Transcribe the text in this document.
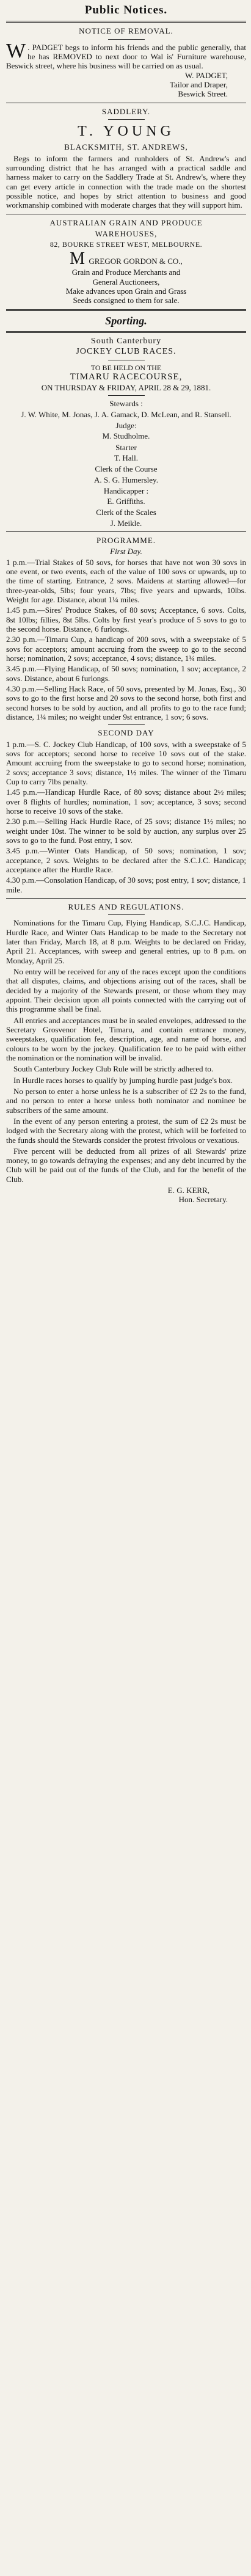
Public Notices.
NOTICE OF REMOVAL.
W . PADGET begs to inform his friends and the public generally, that he has REMOVED to next door to Wal is' Furniture warehouse, Beswick street, where his business will be carried on as usual.
W. PADGET,
Tailor and Draper,
Beswick Street.
SADDLERY.
T. YOUNG
BLACKSMITH, ST. ANDREWS,
Begs to inform the farmers and runholders of St. Andrew's and surrounding district that he has arranged with a practical saddle and harness maker to carry on the Saddlery Trade at St. Andrew's, where they can get every article in connection with the trade made on the shortest possible notice, and hopes by strict attention to business and good workmanship combined with moderate charges that they will support him.
AUSTRALIAN GRAIN AND PRODUCE
WAREHOUSES,
82, BOURKE STREET WEST, MELBOURNE.
M GREGOR GORDON & CO.,
Grain and Produce Merchants and
General Auctioneers,
Make advances upon Grain and Grass
Seeds consigned to them for sale.
Sporting.
South Canterbury
JOCKEY CLUB RACES.
TO BE HELD ON THE
TIMARU RACECOURSE,
ON THURSDAY & FRIDAY, APRIL 28 & 29, 1881.
Stewards :
J. W. White, M. Jonas, J. A. Gamack, D. McLean, and R. Stansell.
Judge:
M. Studholme.
Starter
T. Hall.
Clerk of the Course
A. S. G. Humersley.
Handicapper :
E. Griffiths.
Clerk of the Scales
J. Meikle.
PROGRAMME.
First Day.
1 p.m.—Trial Stakes of 50 sovs, for horses that have not won 30 sovs in one event, or two events, each of the value of 100 sovs or upwards, up to the time of starting. Entrance, 2 sovs. Maidens at starting allowed—for three-year-olds, 5lbs; four years, 7lbs; five years and upwards, 10lbs. Weight for age. Distance, about 1¼ miles.
1.45 p.m.—Sires' Produce Stakes, of 80 sovs; Acceptance, 6 sovs. Colts, 8st 10lbs; fillies, 8st 5lbs. Colts by first year's produce of 5 sovs to go to the second horse. Distance, 6 furlongs.
2.30 p.m.—Timaru Cup, a handicap of 200 sovs, with a sweepstake of 5 sovs for acceptors; amount accruing from the sweep to go to the second horse; nomination, 2 sovs; acceptance, 4 sovs; distance, 1¾ miles.
3.45 p.m.—Flying Handicap, of 50 sovs; nomination, 1 sov; acceptance, 2 sovs. Distance, about 6 furlongs.
4.30 p.m.—Selling Hack Race, of 50 sovs, presented by M. Jonas, Esq., 30 sovs to go to the first horse and 20 sovs to the second horse, both first and second horses to be sold by auction, and all profits to go to the race fund; distance, 1¼ miles; no weight under 9st entrance, 1 sov; 6 sovs.
SECOND DAY
1 p.m.—S. C. Jockey Club Handicap, of 100 sovs, with a sweepstake of 5 sovs for acceptors; second horse to receive 10 sovs out of the stake. Amount accruing from the sweepstake to go to second horse; nomination, 2 sovs; acceptance 3 sovs; distance, 1½ miles. The winner of the Timaru Cup to carry 7lbs penalty.
1.45 p.m.—Handicap Hurdle Race, of 80 sovs; distance about 2½ miles; over 8 flights of hurdles; nomination, 1 sov; acceptance, 3 sovs; second horse to receive 10 sovs of the stake.
2.30 p.m.—Selling Hack Hurdle Race, of 25 sovs; distance 1½ miles; no weight under 10st. The winner to be sold by auction, any surplus over 25 sovs to go to the fund. Post entry, 1 sov.
3.45 p.m.—Winter Oats Handicap, of 50 sovs; nomination, 1 sov; acceptance, 2 sovs. Weights to be declared after the S.C.J.C. Handicap; acceptance after the Hurdle Race.
4.30 p.m.—Consolation Handicap, of 30 sovs; post entry, 1 sov; distance, 1 mile.
RULES AND REGULATIONS.
Nominations for the Timaru Cup, Flying Handicap, S.C.J.C. Handicap, Hurdle Race, and Winter Oats Handicap to be made to the Secretary not later than Friday, March 18, at 8 p.m. Weights to be declared on Friday, April 21. Acceptances, with sweep and general entries, up to 8 p.m. on Monday, April 25.
No entry will be received for any of the races except upon the conditions that all disputes, claims, and objections arising out of the races, shall be decided by a majority of the Stewards present, or those whom they may appoint. Their decision upon all points connected with the carrying out of this programme shall be final.
All entries and acceptances must be in sealed envelopes, addressed to the Secretary Grosvenor Hotel, Timaru, and contain entrance money, sweepstakes, qualification fee, description, age, and name of horse, and colours to be worn by the jockey. Qualification fee to be paid with either the nomination or the nomination will be invalid.
South Canterbury Jockey Club Rule will be strictly adhered to.
In Hurdle races horses to qualify by jumping hurdle past judge's box.
No person to enter a horse unless he is a subscriber of £2 2s to the fund, and no person to enter a horse unless both nominator and nominee be subscribers of the same amount.
In the event of any person entering a protest, the sum of £2 2s must be lodged with the Secretary along with the protest, which will be forfeited to the funds should the Stewards consider the protest frivolous or vexatious.
Five percent will be deducted from all prizes of all Stewards' prize money, to go towards defraying the expenses; and any debt incurred by the Club will be paid out of the funds of the Club, and for the benefit of the Club.
E. G. KERR,
Hon. Secretary.
